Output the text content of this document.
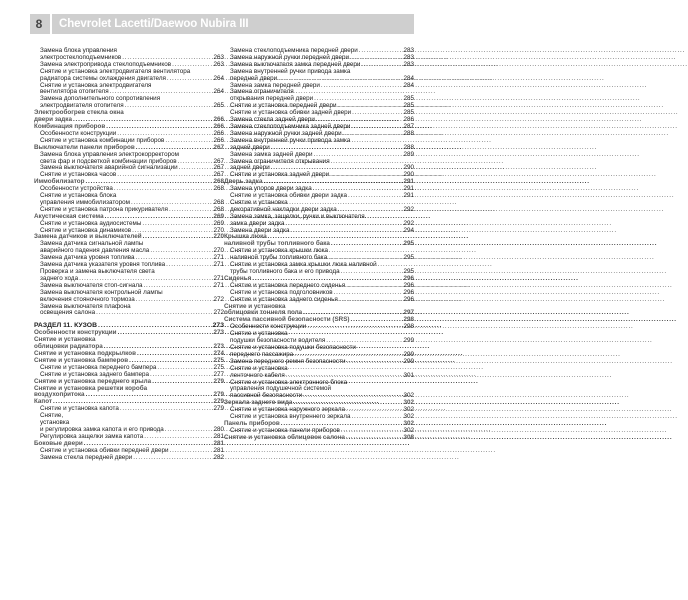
8	Chevrolet Lacetti/Daewoo Nubira III
Замена блока управления
электростеклоподъемников .....	263
Замена электропривода стеклоподъемников .....	263
Снятие и установка электродвигателя вентилятора
радиатора системы охлаждения двигателя .....	264
Снятие и установка электродвигателя
вентилятора отопителя .....	264
Замена дополнительного сопротивления
электродвигателя отопителя .....	265
Электрообогрев стекла окна
двери задка .....	266
Комбинация приборов .....	266
Особенности конструкции .....	266
Снятие и установка комбинации приборов .....	266
Выключатели панели приборов .....	267
Замена блока управления электрокорректором
света фар и подсветкой комбинации приборов .....	267
Замена выключателя аварийной сигнализации .....	267
Снятие и установка часов .....	267
Иммобилизатор .....	268
Особенности устройства .....	268
Снятие и установка блока
управления иммобилизатором .....	268
Снятие и установка патрона прикуривателя .....	268
Акустическая система .....	269
Снятие и установка аудиосистемы .....	269
Снятие и установка динамиков .....	270
Замена датчиков и выключателей .....	270
Замена датчика сигнальной лампы
аварийного падения давления масла .....	270
Замена датчика уровня топлива .....	271
Замена датчика указателя уровня топлива .....	271
Проверка и замена выключателя света
заднего хода .....	271
Замена выключателя стоп-сигнала .....	271
Замена выключателя контрольной лампы
включения стояночного тормоза .....	272
Замена выключателя плафона
освещения салона .....	272
РАЗДЕЛ 11. КУЗОВ .....	273
Особенности конструкции .....	273
Снятие и установка
облицовки радиатора .....	273
Снятие и установка подкрылков .....	274
Снятие и установка бамперов .....	275
Снятие и установка переднего бампера .....	275
Снятие и установка заднего бампера .....	277
Снятие и установка переднего крыла .....	279
Снятие и установка решетки короба
воздухопритока .....	279
Капот .....	279
Снятие и установка капота .....	279
Снятие,
установка
и регулировка замка капота и его привода .....	280
Регулировка защелки замка капота .....	281
Боковые двери .....	281
Снятие и установка обивки передней двери .....	281
Замена стекла передней двери .....	282
Замена стеклоподъемника передней двери .....	283
Замена наружной ручки передней двери .....	283
Замена выключателя замка передней двери .....	283
Замена внутренней ручки привода замка
передней двери .....	284
Замена замка передней двери .....	284
Замена ограничителя
открывания передней двери .....	285
Снятие и установка передней двери .....	285
Снятие и установка обивки задней двери .....	285
Замена стекла задней двери .....	286
Замена стеклоподъемника задней двери .....	287
Замена наружной ручки задней двери .....	288
Замена внутренней ручки привода замка
задней двери .....	288
Замена замка задней двери .....	289
Замена ограничителя открывания
задней двери .....	290
Снятие и установка задней двери .....	290
Дверь задка .....	291
Замена упоров двери задка .....	291
Снятие и установка обивки двери задка .....	291
Снятие и установка
декоративной накладки двери задка .....	292
Замена замка, защелки, ручки и выключателя
замка двери задка .....	292
Замена двери задка .....	294
Крышка люка
наливной трубы топливного бака .....	295
Снятие и установка крышки люка
наливной трубы топливного бака .....	295
Снятие и установка замка крышки люка наливной
трубы топливного бака и его привода .....	295
Сиденья .....	296
Снятие и установка переднего сиденья .....	296
Снятие и установка подголовников .....	296
Снятие и установка заднего сиденья .....	296
Снятие и установка
облицовки тоннеля пола .....	297
Система пассивной безопасности (SRS) .....	298
Особенности конструкции .....	298
Снятие и установка
подушки безопасности водителя .....	299
Снятие и установка подушки безопасности
переднего пассажира .....	299
Замена переднего ремня безопасности .....	299
Снятие и установка
ленточного кабеля .....	301
Снятие и установка электронного блока
управления подушечной системой
пассивной безопасности .....	302
Зеркала заднего вида .....	302
Снятие и установка наружного зеркала .....	302
Снятие и установка внутреннего зеркала .....	302
Панель приборов .....	302
Снятие и установка панели приборов .....	302
Снятие и установка облицовок салона .....	308
